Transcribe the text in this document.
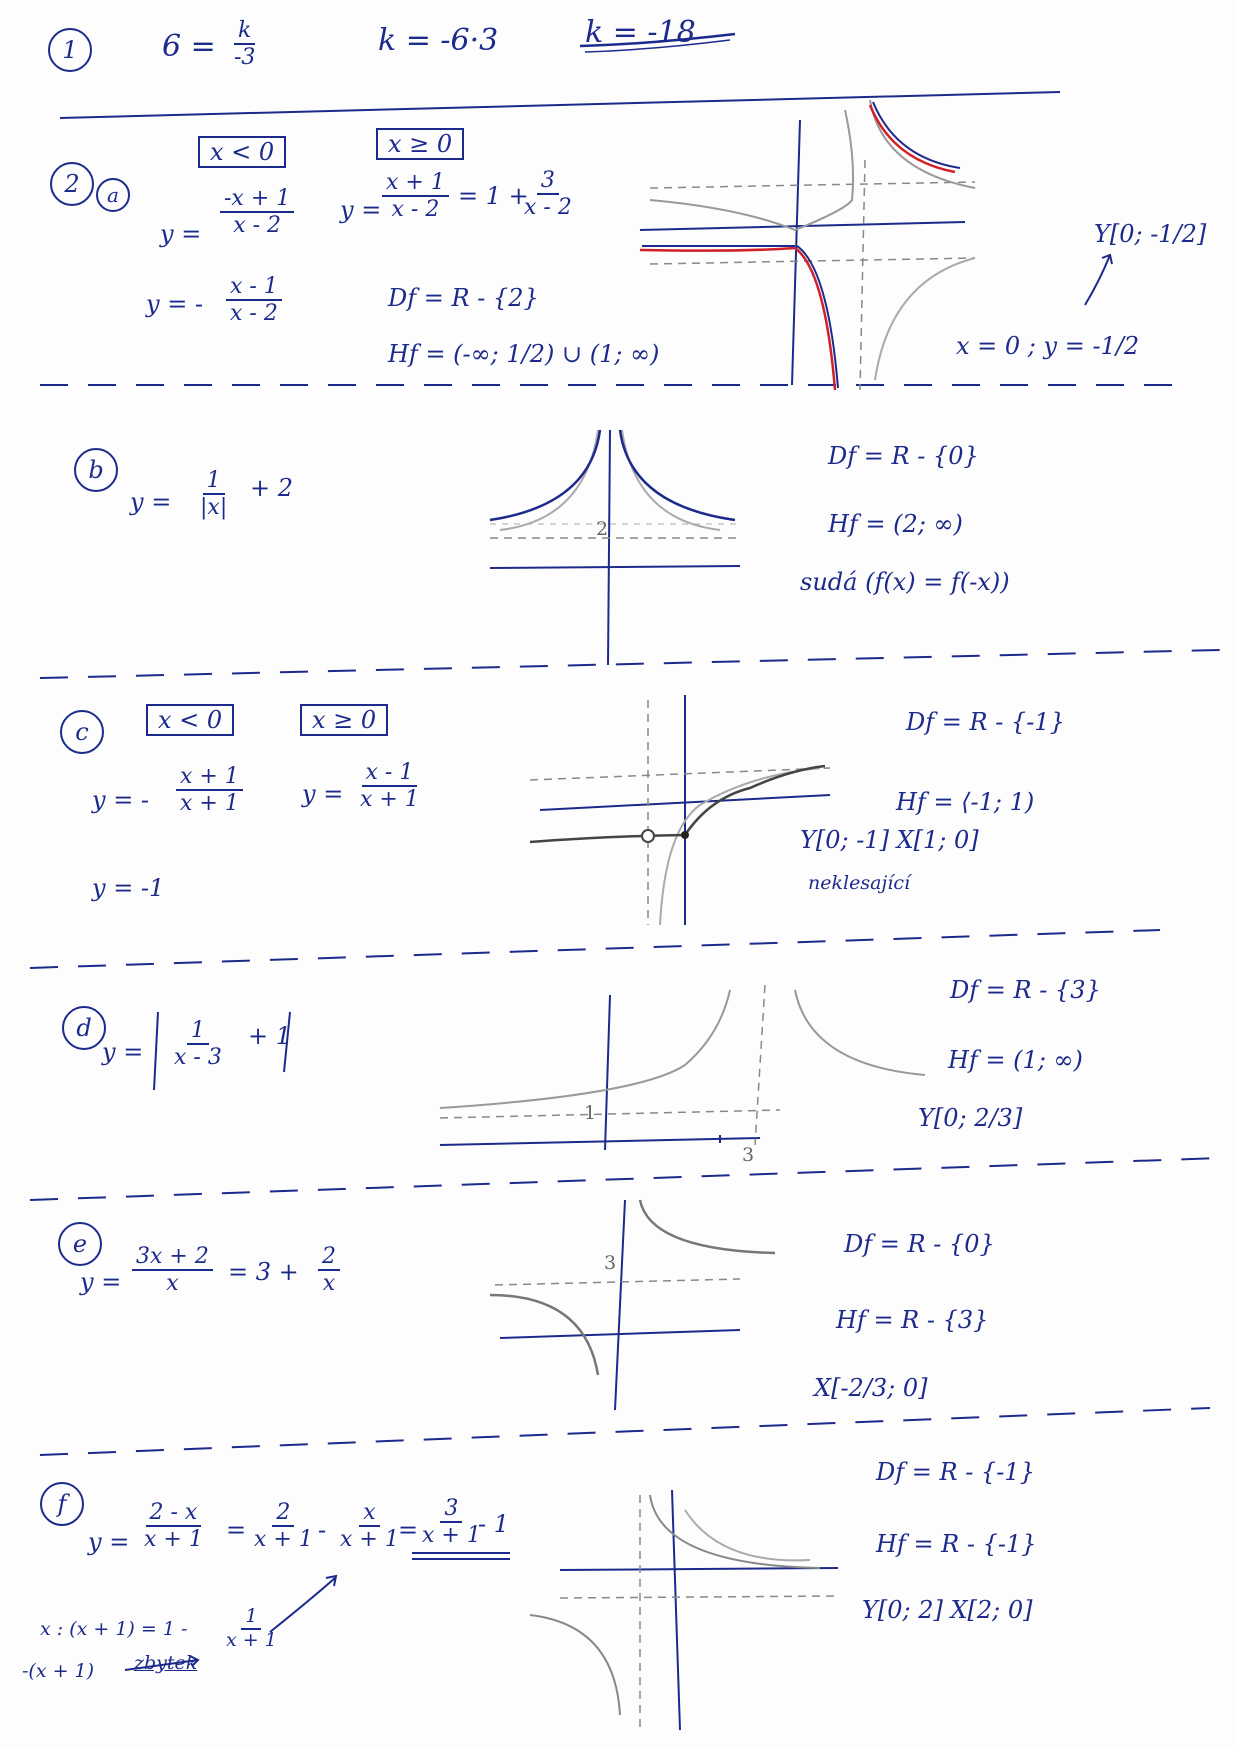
1	$6 = \frac{k}{-3}$	k = -6·3	k = -18
2 a
x < 0	x ≥ 0
$y = \frac{-x + 1}{x - 2}$ $y = \frac{x + 1}{x - 2} = 1$ +
$\frac{3}{x - 2}$
y = - $\frac{x - 1}{x - 2}$	Df = R - {2}
Hf = (-∞; 1/2) ∪ (1; ∞)
Y[0; -1/2]
x = 0 ; y = -1/2
b
$y = \frac{1}{|x|} + 2$
2
Df = R - {0}
Hf = (2; ∞)
sudá (f(x) = f(-x))
c	x < 0	x ≥ 0
y = - $\frac{x + 1}{x + 1}$ $y = \frac{x - 1}{x + 1}$
y = -1
Df = R - {-1}
Hf = ⟨-1; 1)
Y[0; -1] X[1; 0]
neklesající
d
$y = \frac{1}{x - 3} + 1$
1
3
Df = R - {3}
Hf = (1; ∞)
Y[0; 2/3]
e
$y = \frac{3x + 2}{x} = 3 + \frac{2}{x}$	3
Df = R - {0}
Hf = R - {3}
X[-2/3; 0]
f
$y = \frac{2 - x}{x + 1} = \frac{2}{x + 1} - \frac{x}{x + 1}$
= $\frac{3}{x + 1}$
- 1
x : $(x + 1) = 1 - \frac{1}{x + 1}$
-(x + 1) zbytek
Df = R - {-1}
Hf = R - {-1}
Y[0; 2] X[2; 0]
